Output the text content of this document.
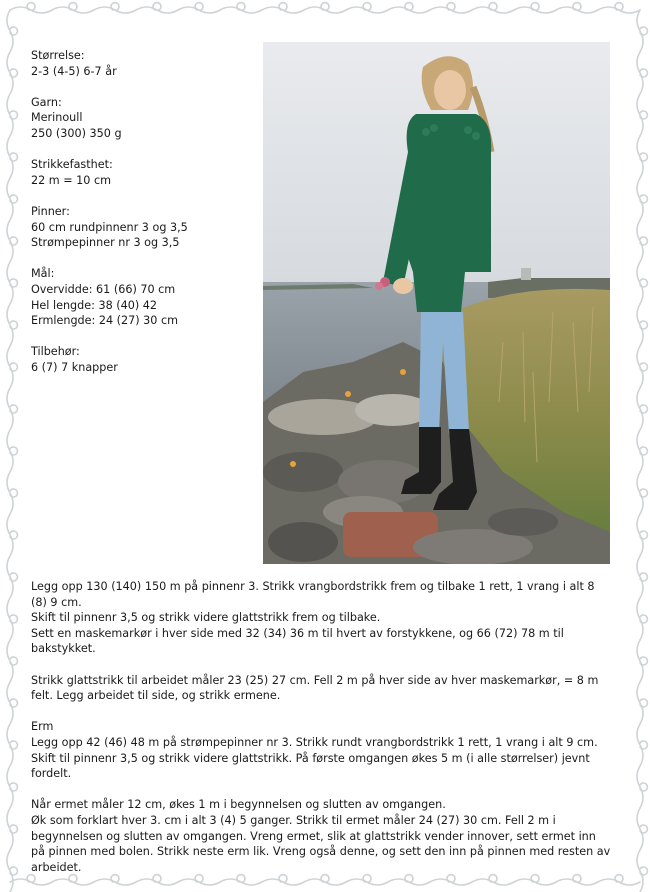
Størrelse:
2-3 (4-5) 6-7 år
Garn:
Merinoull
250 (300) 350 g
Strikkefasthet:
22 m = 10 cm
Pinner:
60 cm rundpinnenr 3 og 3,5
Strømpepinner nr 3 og 3,5
Mål:
Overvidde: 61 (66) 70 cm
Hel lengde: 38 (40) 42
Ermlengde: 24 (27) 30 cm
Tilbehør:
6 (7) 7 knapper

Legg opp 130 (140) 150 m på pinnenr 3. Strikk vrangbordstrikk frem og tilbake 1 rett, 1 vrang i alt 8 (8) 9 cm.

Skift til pinnenr 3,5 og strikk videre glattstrikk frem og tilbake.

Sett en maskemarkør i hver side med 32 (34) 36 m til hvert av forstykkene, og 66 (72) 78 m til bakstykket.

Strikk glattstrikk til arbeidet måler 23 (25) 27 cm. Fell 2 m på hver side av hver maskemarkør, = 8 m felt. Legg arbeidet til side, og strikk ermene.

Erm

Legg opp 42 (46) 48 m på strømpepinner nr 3. Strikk rundt vrangbordstrikk 1 rett, 1 vrang i alt 9 cm. Skift til pinnenr 3,5 og strikk videre glattstrikk. På første omgangen økes 5 m (i alle størrelser) jevnt fordelt.

Når ermet måler 12 cm, økes 1 m i begynnelsen og slutten av omgangen.

Øk som forklart hver 3. cm i alt 3 (4) 5 ganger. Strikk til ermet måler 24 (27) 30 cm. Fell 2 m i begynnelsen og slutten av omgangen. Vreng ermet, slik at glattstrikk vender innover, sett ermet inn på pinnen med bolen. Strikk neste erm lik. Vreng også denne, og sett den inn på pinnen med resten av arbeidet.
